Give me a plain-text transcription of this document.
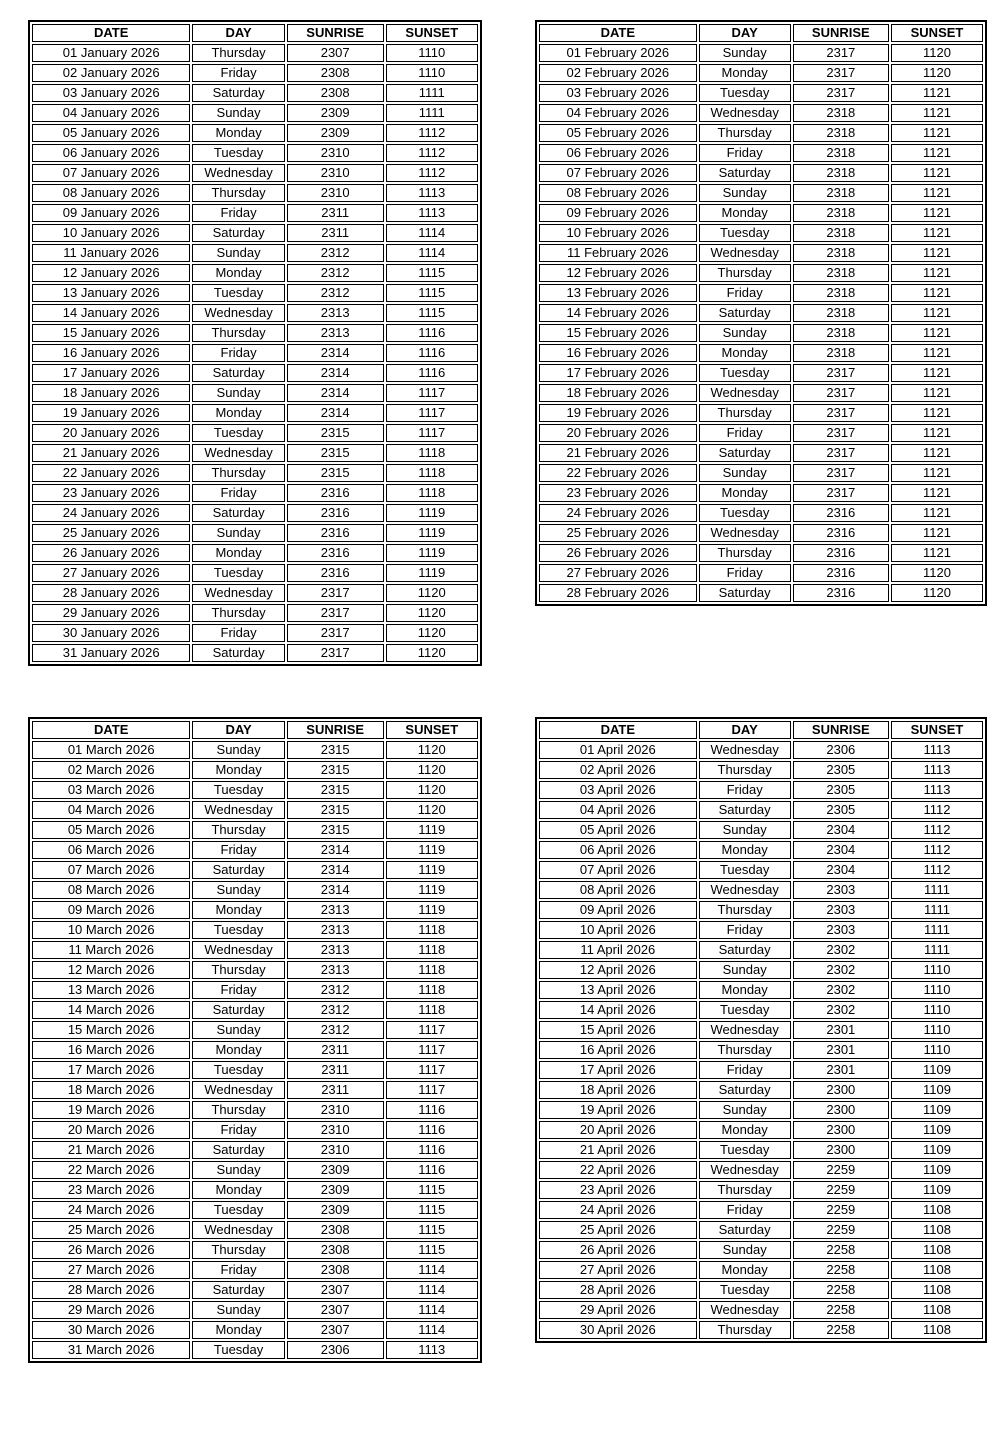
DATE	DAY	SUNRISE	SUNSET
01 January 2026	Thursday	2307	1110
02 January 2026	Friday	2308	1110
03 January 2026	Saturday	2308	1111
04 January 2026	Sunday	2309	1111
05 January 2026	Monday	2309	1112
06 January 2026	Tuesday	2310	1112
07 January 2026	Wednesday	2310	1112
08 January 2026	Thursday	2310	1113
09 January 2026	Friday	2311	1113
10 January 2026	Saturday	2311	1114
11 January 2026	Sunday	2312	1114
12 January 2026	Monday	2312	1115
13 January 2026	Tuesday	2312	1115
14 January 2026	Wednesday	2313	1115
15 January 2026	Thursday	2313	1116
16 January 2026	Friday	2314	1116
17 January 2026	Saturday	2314	1116
18 January 2026	Sunday	2314	1117
19 January 2026	Monday	2314	1117
20 January 2026	Tuesday	2315	1117
21 January 2026	Wednesday	2315	1118
22 January 2026	Thursday	2315	1118
23 January 2026	Friday	2316	1118
24 January 2026	Saturday	2316	1119
25 January 2026	Sunday	2316	1119
26 January 2026	Monday	2316	1119
27 January 2026	Tuesday	2316	1119
28 January 2026	Wednesday	2317	1120
29 January 2026	Thursday	2317	1120
30 January 2026	Friday	2317	1120
31 January 2026	Saturday	2317	1120
DATE	DAY	SUNRISE	SUNSET
01 February 2026	Sunday	2317	1120
02 February 2026	Monday	2317	1120
03 February 2026	Tuesday	2317	1121
04 February 2026	Wednesday	2318	1121
05 February 2026	Thursday	2318	1121
06 February 2026	Friday	2318	1121
07 February 2026	Saturday	2318	1121
08 February 2026	Sunday	2318	1121
09 February 2026	Monday	2318	1121
10 February 2026	Tuesday	2318	1121
11 February 2026	Wednesday	2318	1121
12 February 2026	Thursday	2318	1121
13 February 2026	Friday	2318	1121
14 February 2026	Saturday	2318	1121
15 February 2026	Sunday	2318	1121
16 February 2026	Monday	2318	1121
17 February 2026	Tuesday	2317	1121
18 February 2026	Wednesday	2317	1121
19 February 2026	Thursday	2317	1121
20 February 2026	Friday	2317	1121
21 February 2026	Saturday	2317	1121
22 February 2026	Sunday	2317	1121
23 February 2026	Monday	2317	1121
24 February 2026	Tuesday	2316	1121
25 February 2026	Wednesday	2316	1121
26 February 2026	Thursday	2316	1121
27 February 2026	Friday	2316	1120
28 February 2026	Saturday	2316	1120
DATE	DAY	SUNRISE	SUNSET
01 March 2026	Sunday	2315	1120
02 March 2026	Monday	2315	1120
03 March 2026	Tuesday	2315	1120
04 March 2026	Wednesday	2315	1120
05 March 2026	Thursday	2315	1119
06 March 2026	Friday	2314	1119
07 March 2026	Saturday	2314	1119
08 March 2026	Sunday	2314	1119
09 March 2026	Monday	2313	1119
10 March 2026	Tuesday	2313	1118
11 March 2026	Wednesday	2313	1118
12 March 2026	Thursday	2313	1118
13 March 2026	Friday	2312	1118
14 March 2026	Saturday	2312	1118
15 March 2026	Sunday	2312	1117
16 March 2026	Monday	2311	1117
17 March 2026	Tuesday	2311	1117
18 March 2026	Wednesday	2311	1117
19 March 2026	Thursday	2310	1116
20 March 2026	Friday	2310	1116
21 March 2026	Saturday	2310	1116
22 March 2026	Sunday	2309	1116
23 March 2026	Monday	2309	1115
24 March 2026	Tuesday	2309	1115
25 March 2026	Wednesday	2308	1115
26 March 2026	Thursday	2308	1115
27 March 2026	Friday	2308	1114
28 March 2026	Saturday	2307	1114
29 March 2026	Sunday	2307	1114
30 March 2026	Monday	2307	1114
31 March 2026	Tuesday	2306	1113
DATE	DAY	SUNRISE	SUNSET
01 April 2026	Wednesday	2306	1113
02 April 2026	Thursday	2305	1113
03 April 2026	Friday	2305	1113
04 April 2026	Saturday	2305	1112
05 April 2026	Sunday	2304	1112
06 April 2026	Monday	2304	1112
07 April 2026	Tuesday	2304	1112
08 April 2026	Wednesday	2303	1111
09 April 2026	Thursday	2303	1111
10 April 2026	Friday	2303	1111
11 April 2026	Saturday	2302	1111
12 April 2026	Sunday	2302	1110
13 April 2026	Monday	2302	1110
14 April 2026	Tuesday	2302	1110
15 April 2026	Wednesday	2301	1110
16 April 2026	Thursday	2301	1110
17 April 2026	Friday	2301	1109
18 April 2026	Saturday	2300	1109
19 April 2026	Sunday	2300	1109
20 April 2026	Monday	2300	1109
21 April 2026	Tuesday	2300	1109
22 April 2026	Wednesday	2259	1109
23 April 2026	Thursday	2259	1109
24 April 2026	Friday	2259	1108
25 April 2026	Saturday	2259	1108
26 April 2026	Sunday	2258	1108
27 April 2026	Monday	2258	1108
28 April 2026	Tuesday	2258	1108
29 April 2026	Wednesday	2258	1108
30 April 2026	Thursday	2258	1108
